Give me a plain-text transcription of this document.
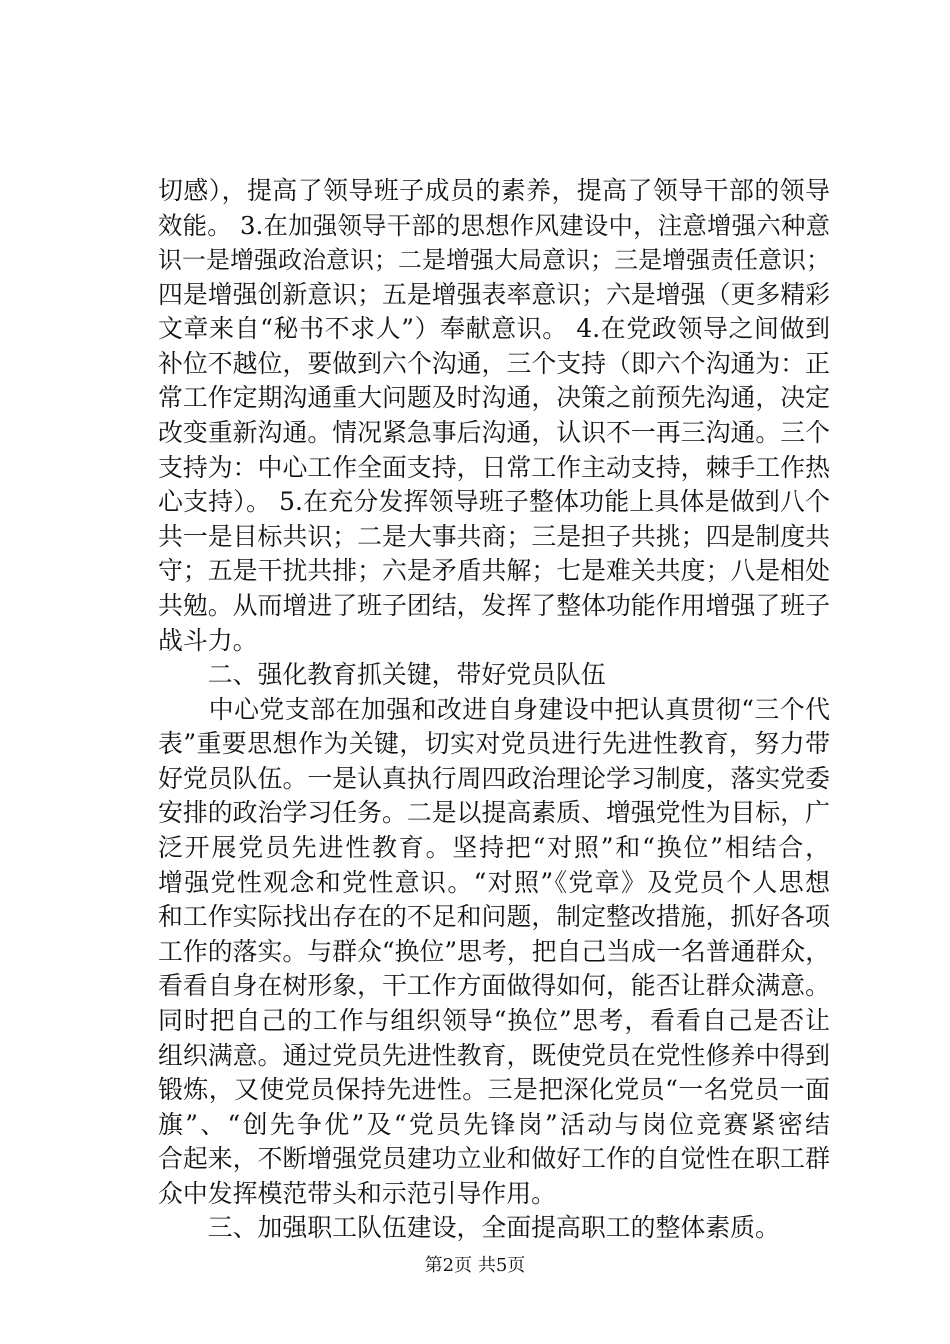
切感），提高了领导班子成员的素养，提高了领导干部的领导
效能。 3.在加强领导干部的思想作风建设中，注意增强六种意
识一是增强政治意识；二是增强大局意识；三是增强责任意识；
四是增强创新意识；五是增强表率意识；六是增强（更多精彩
文章来自“秘书不求人”）奉献意识。 4.在党政领导之间做到
补位不越位，要做到六个沟通，三个支持（即六个沟通为：正
常工作定期沟通重大问题及时沟通，决策之前预先沟通，决定
改变重新沟通。情况紧急事后沟通，认识不一再三沟通。三个
支持为：中心工作全面支持，日常工作主动支持，棘手工作热
心支持）。 5.在充分发挥领导班子整体功能上具体是做到八个
共一是目标共识；二是大事共商；三是担子共挑；四是制度共
守；五是干扰共排；六是矛盾共解；七是难关共度；八是相处
共勉。从而增进了班子团结，发挥了整体功能作用增强了班子
战斗力。
　　二、强化教育抓关键，带好党员队伍
　　中心党支部在加强和改进自身建设中把认真贯彻“三个代
表”重要思想作为关键，切实对党员进行先进性教育，努力带
好党员队伍。一是认真执行周四政治理论学习制度，落实党委
安排的政治学习任务。二是以提高素质、增强党性为目标，广
泛开展党员先进性教育。坚持把“对照”和“换位”相结合，
增强党性观念和党性意识。“对照”《党章》及党员个人思想
和工作实际找出存在的不足和问题，制定整改措施，抓好各项
工作的落实。与群众“换位”思考，把自己当成一名普通群众，
看看自身在树形象，干工作方面做得如何，能否让群众满意。
同时把自己的工作与组织领导“换位”思考，看看自己是否让
组织满意。通过党员先进性教育，既使党员在党性修养中得到
锻炼，又使党员保持先进性。三是把深化党员“一名党员一面
旗”、“创先争优”及“党员先锋岗”活动与岗位竞赛紧密结
合起来，不断增强党员建功立业和做好工作的自觉性在职工群
众中发挥模范带头和示范引导作用。
　　三、加强职工队伍建设，全面提高职工的整体素质。
第2页 共5页
